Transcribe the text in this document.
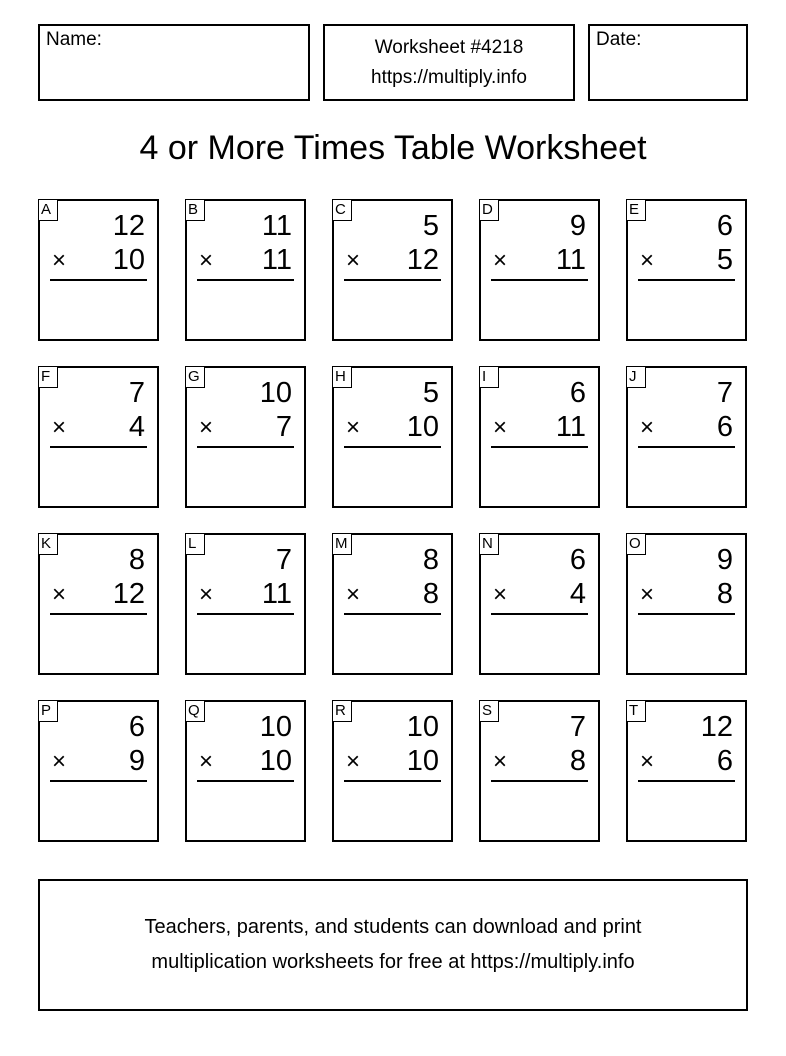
Name:	Worksheet #4218
https://multiply.info
Date:
4 or More Times Table Worksheet
A
12
× 10
B
11
× 11
C
5
× 12
D
9
× 11
E
6
× 5
F
7
× 4
G
10
× 7
H
5
× 10
I
6
× 11
J
7
× 6
K
8
× 12
L
7
× 11
M
8
× 8
N
6
× 4
O
9
× 8
P
6
× 9
Q
10
× 10
R
10
× 10
S
7
× 8
T
12
× 6
Teachers, parents, and students can download and print
multiplication worksheets for free at https://multiply.info
